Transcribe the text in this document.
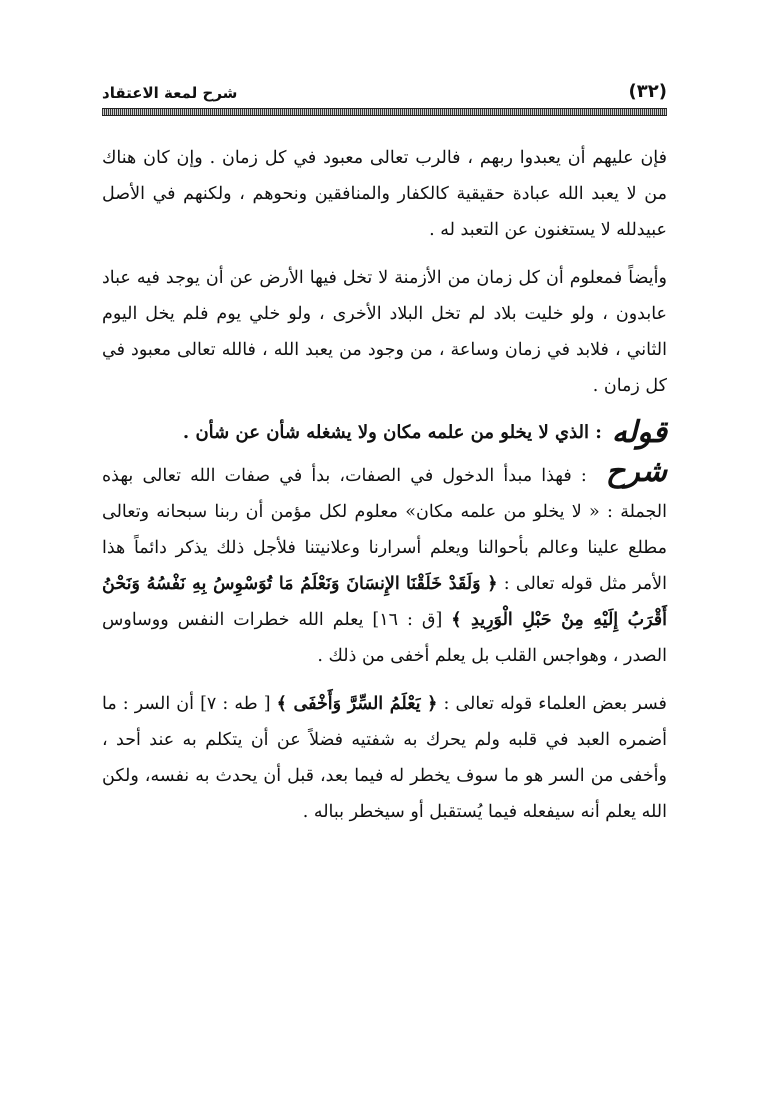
(٣٢)
شرح لمعة الاعتقاد

فإن عليهم أن يعبدوا ربهم ، فالرب تعالى معبود في كل زمان . وإن كان هناك من لا يعبد الله عبادة حقيقية كالكفار والمنافقين ونحوهم ، ولكنهم في الأصل عبيدلله لا يستغنون عن التعبد له .

وأيضاً فمعلوم أن كل زمان من الأزمنة لا تخل فيها الأرض عن أن يوجد فيه عباد عابدون ، ولو خليت بلاد لم تخل البلاد الأخرى ، ولو خلي يوم فلم يخل اليوم الثاني ، فلابد في زمان وساعة ، من وجود من يعبد الله ، فالله تعالى معبود في كل زمان .

قوله
: الذي لا يخلو من علمه مكان ولا يشغله شأن عن شأن .

شرح : فهذا مبدأ الدخول في الصفات، بدأ في صفات الله تعالى بهذه الجملة : « لا يخلو من علمه مكان» معلوم لكل مؤمن أن ربنا سبحانه وتعالى مطلع علينا وعالم بأحوالنا ويعلم أسرارنا وعلانيتنا فلأجل ذلك يذكر دائماً هذا الأمر مثل قوله تعالى : ﴿ وَلَقَدْ خَلَقْنَا الإِنسَانَ وَنَعْلَمُ مَا تُوَسْوِسُ بِهِ نَفْسُهُ وَنَحْنُ أَقْرَبُ إِلَيْهِ مِنْ حَبْلِ الْوَرِيدِ ﴾ [ق : ١٦] يعلم الله خطرات النفس ووساوس الصدر ، وهواجس القلب بل يعلم أخفى من ذلك .

فسر بعض العلماء قوله تعالى : ﴿ يَعْلَمُ السِّرَّ وَأَخْفَى ﴾ [ طه : ٧] أن السر : ما أضمره العبد في قلبه ولم يحرك به شفتيه فضلاً عن أن يتكلم به عند أحد ، وأخفى من السر هو ما سوف يخطر له فيما بعد، قبل أن يحدث به نفسه، ولكن الله يعلم أنه سيفعله فيما يُستقبل أو سيخطر بباله .
